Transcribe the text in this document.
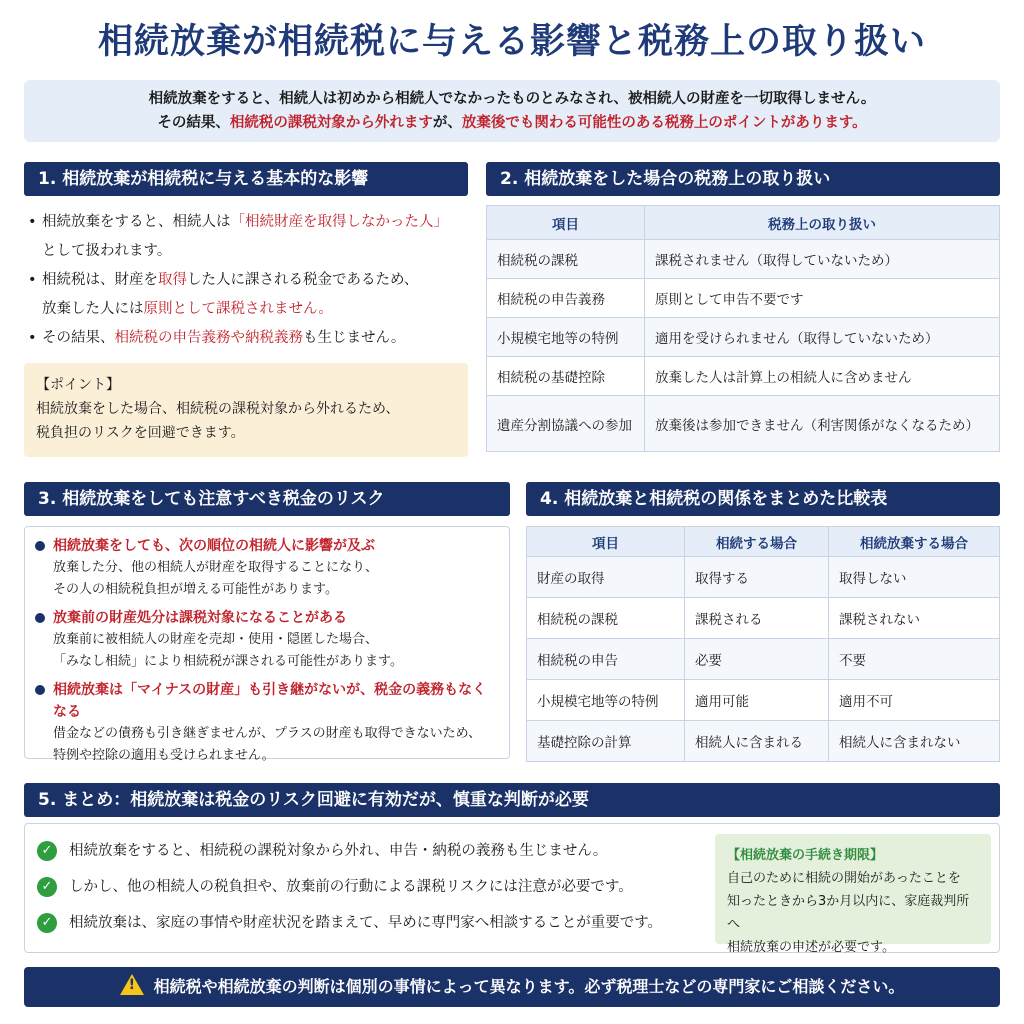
相続放棄が相続税に与える影響と税務上の取り扱い
相続放棄をすると、相続人は初めから相続人でなかったものとみなされ、被相続人の財産を一切取得しません。
その結果、相続税の課税対象から外れますが、放棄後でも関わる可能性のある税務上のポイントがあります。
1. 相続放棄が相続税に与える基本的な影響
• 相続放棄をすると、相続人は「相続財産を取得しなかった人」
として扱われます。
• 相続税は、財産を取得した人に課される税金であるため、
放棄した人には原則として課税されません。
• その結果、相続税の申告義務や納税義務も生じません。
【ポイント】
相続放棄をした場合、相続税の課税対象から外れるため、
税負担のリスクを回避できます。
2. 相続放棄をした場合の税務上の取り扱い
項目	税務上の取り扱い
相続税の課税	課税されません（取得していないため）
相続税の申告義務	原則として申告不要です
小規模宅地等の特例	適用を受けられません（取得していないため）
相続税の基礎控除	放棄した人は計算上の相続人に含めません
遺産分割協議への参加	放棄後は参加できません（利害関係がなくなるため）
3. 相続放棄をしても注意すべき税金のリスク
相続放棄をしても、次の順位の相続人に影響が及ぶ
放棄した分、他の相続人が財産を取得することになり、
その人の相続税負担が増える可能性があります。
放棄前の財産処分は課税対象になることがある
放棄前に被相続人の財産を売却・使用・隠匿した場合、
「みなし相続」により相続税が課される可能性があります。
相続放棄は「マイナスの財産」も引き継がないが、税金の義務もなくなる
借金などの債務も引き継ぎませんが、プラスの財産も取得できないため、
特例や控除の適用も受けられません。
4. 相続放棄と相続税の関係をまとめた比較表
項目	相続する場合	相続放棄する場合
財産の取得	取得する	取得しない
相続税の課税	課税される	課税されない
相続税の申告	必要	不要
小規模宅地等の特例	適用可能	適用不可
基礎控除の計算	相続人に含まれる	相続人に含まれない
5. まとめ：相続放棄は税金のリスク回避に有効だが、慎重な判断が必要
✓	相続放棄をすると、相続税の課税対象から外れ、申告・納税の義務も生じません。
✓	しかし、他の相続人の税負担や、放棄前の行動による課税リスクには注意が必要です。
✓	相続放棄は、家庭の事情や財産状況を踏まえて、早めに専門家へ相談することが重要です。
【相続放棄の手続き期限】
自己のために相続の開始があったことを
知ったときから3か月以内に、家庭裁判所へ
相続放棄の申述が必要です。
!相続税や相続放棄の判断は個別の事情によって異なります。必ず税理士などの専門家にご相談ください。
